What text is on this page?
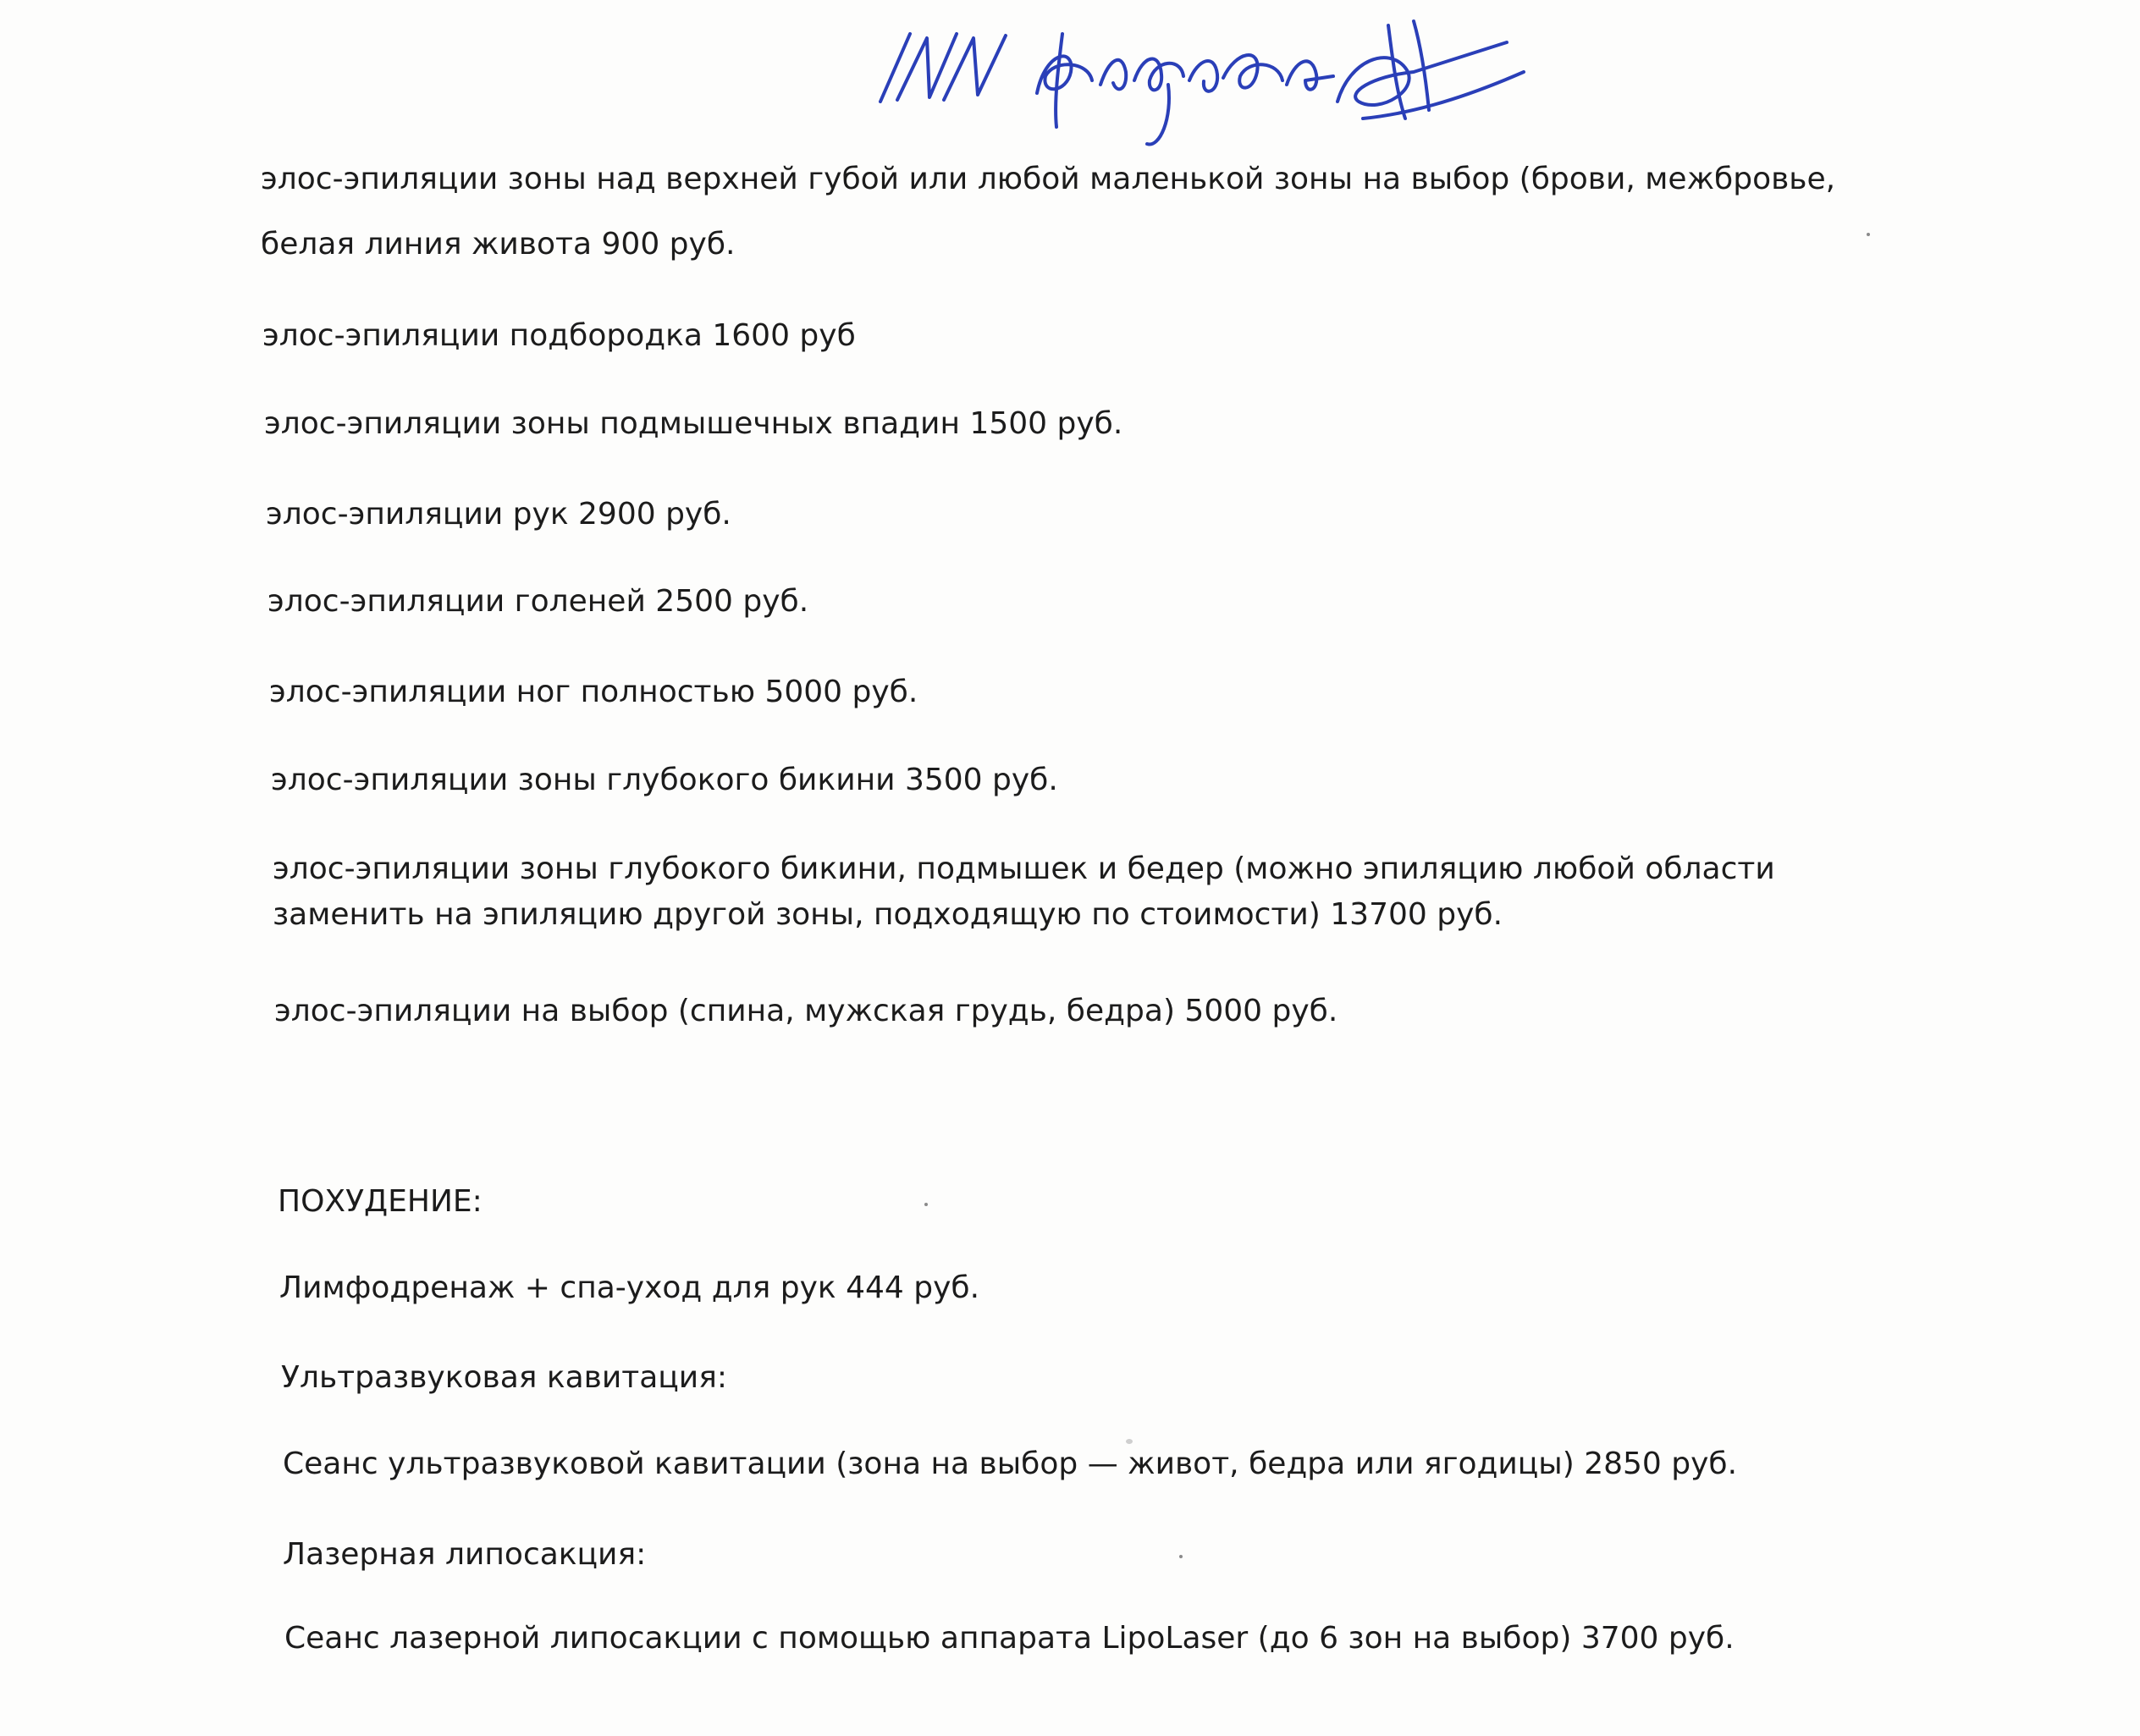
элос-эпиляции зоны над верхней губой или любой маленькой зоны на выбор (брови, межбровье,
белая линия живота 900 руб.
элос-эпиляции подбородка 1600 руб
элос-эпиляции зоны подмышечных впадин 1500 руб.
элос-эпиляции рук 2900 руб.
элос-эпиляции голеней 2500 руб.
элос-эпиляции ног полностью 5000 руб.
элос-эпиляции зоны глубокого бикини 3500 руб.
элос-эпиляции зоны глубокого бикини, подмышек и бедер (можно эпиляцию любой области
заменить на эпиляцию другой зоны, подходящую по стоимости) 13700 руб.
элос-эпиляции на выбор (спина, мужская грудь, бедра) 5000 руб.
ПОХУДЕНИЕ:
Лимфодренаж + спа-уход для рук 444 руб.
Ультразвуковая кавитация:
Сеанс ультразвуковой кавитации (зона на выбор — живот, бедра или ягодицы) 2850 руб.
Лазерная липосакция:
Сеанс лазерной липосакции с помощью аппарата LipoLaser (до 6 зон на выбор) 3700 руб.
